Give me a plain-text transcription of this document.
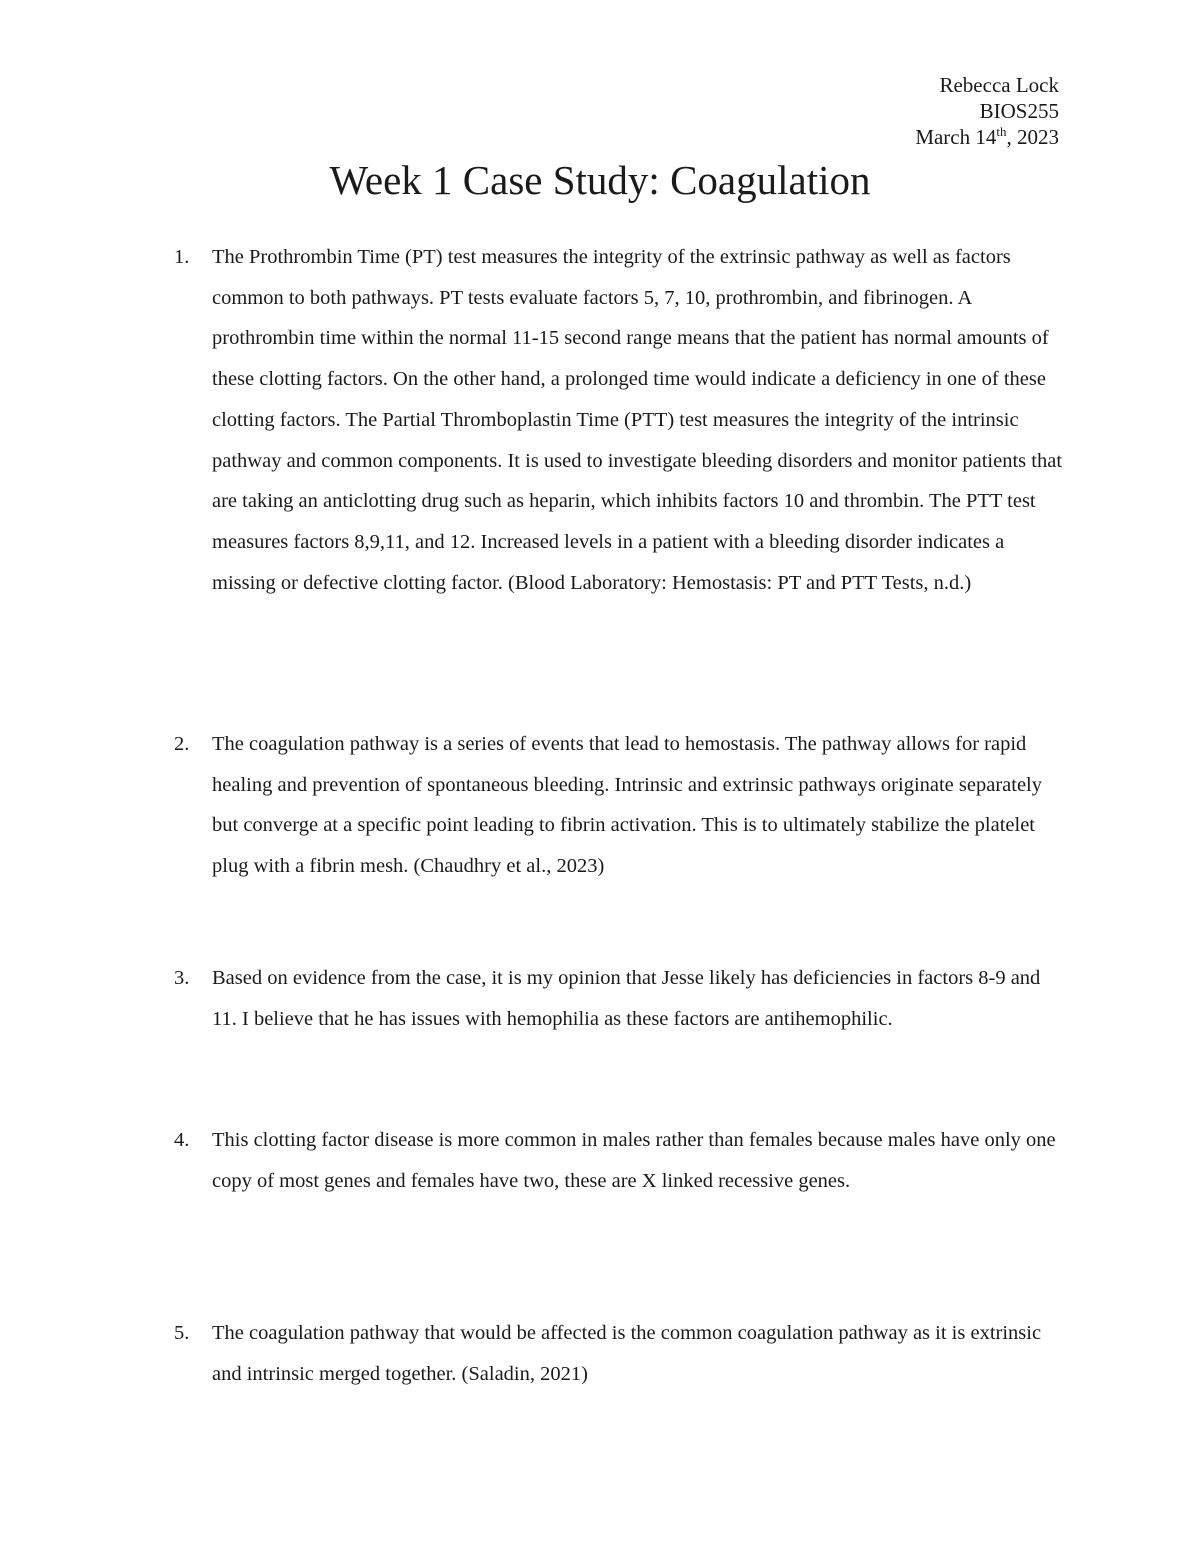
Rebecca Lock
BIOS255
March 14th, 2023
Week 1 Case Study: Coagulation
1.	The Prothrombin Time (PT) test measures the integrity of the extrinsic pathway as well as factors common to both pathways. PT tests evaluate factors 5, 7, 10, prothrombin, and fibrinogen. A prothrombin time within the normal 11-15 second range means that the patient has normal amounts of these clotting factors. On the other hand, a prolonged time would indicate a deficiency in one of these clotting factors. The Partial Thromboplastin Time (PTT) test measures the integrity of the intrinsic pathway and common components. It is used to investigate bleeding disorders and monitor patients that are taking an anticlotting drug such as heparin, which inhibits factors 10 and thrombin. The PTT test measures factors 8,9,11, and 12. Increased levels in a patient with a bleeding disorder indicates a missing or defective clotting factor. (Blood Laboratory: Hemostasis: PT and PTT Tests, n.d.)
2.	The coagulation pathway is a series of events that lead to hemostasis. The pathway allows for rapid healing and prevention of spontaneous bleeding. Intrinsic and extrinsic pathways originate separately but converge at a specific point leading to fibrin activation. This is to ultimately stabilize the platelet plug with a fibrin mesh. (Chaudhry et al., 2023)
3.	Based on evidence from the case, it is my opinion that Jesse likely has deficiencies in factors 8-9 and 11. I believe that he has issues with hemophilia as these factors are antihemophilic.
4.	This clotting factor disease is more common in males rather than females because males have only one copy of most genes and females have two, these are X linked recessive genes.
5.	The coagulation pathway that would be affected is the common coagulation pathway as it is extrinsic and intrinsic merged together. (Saladin, 2021)
